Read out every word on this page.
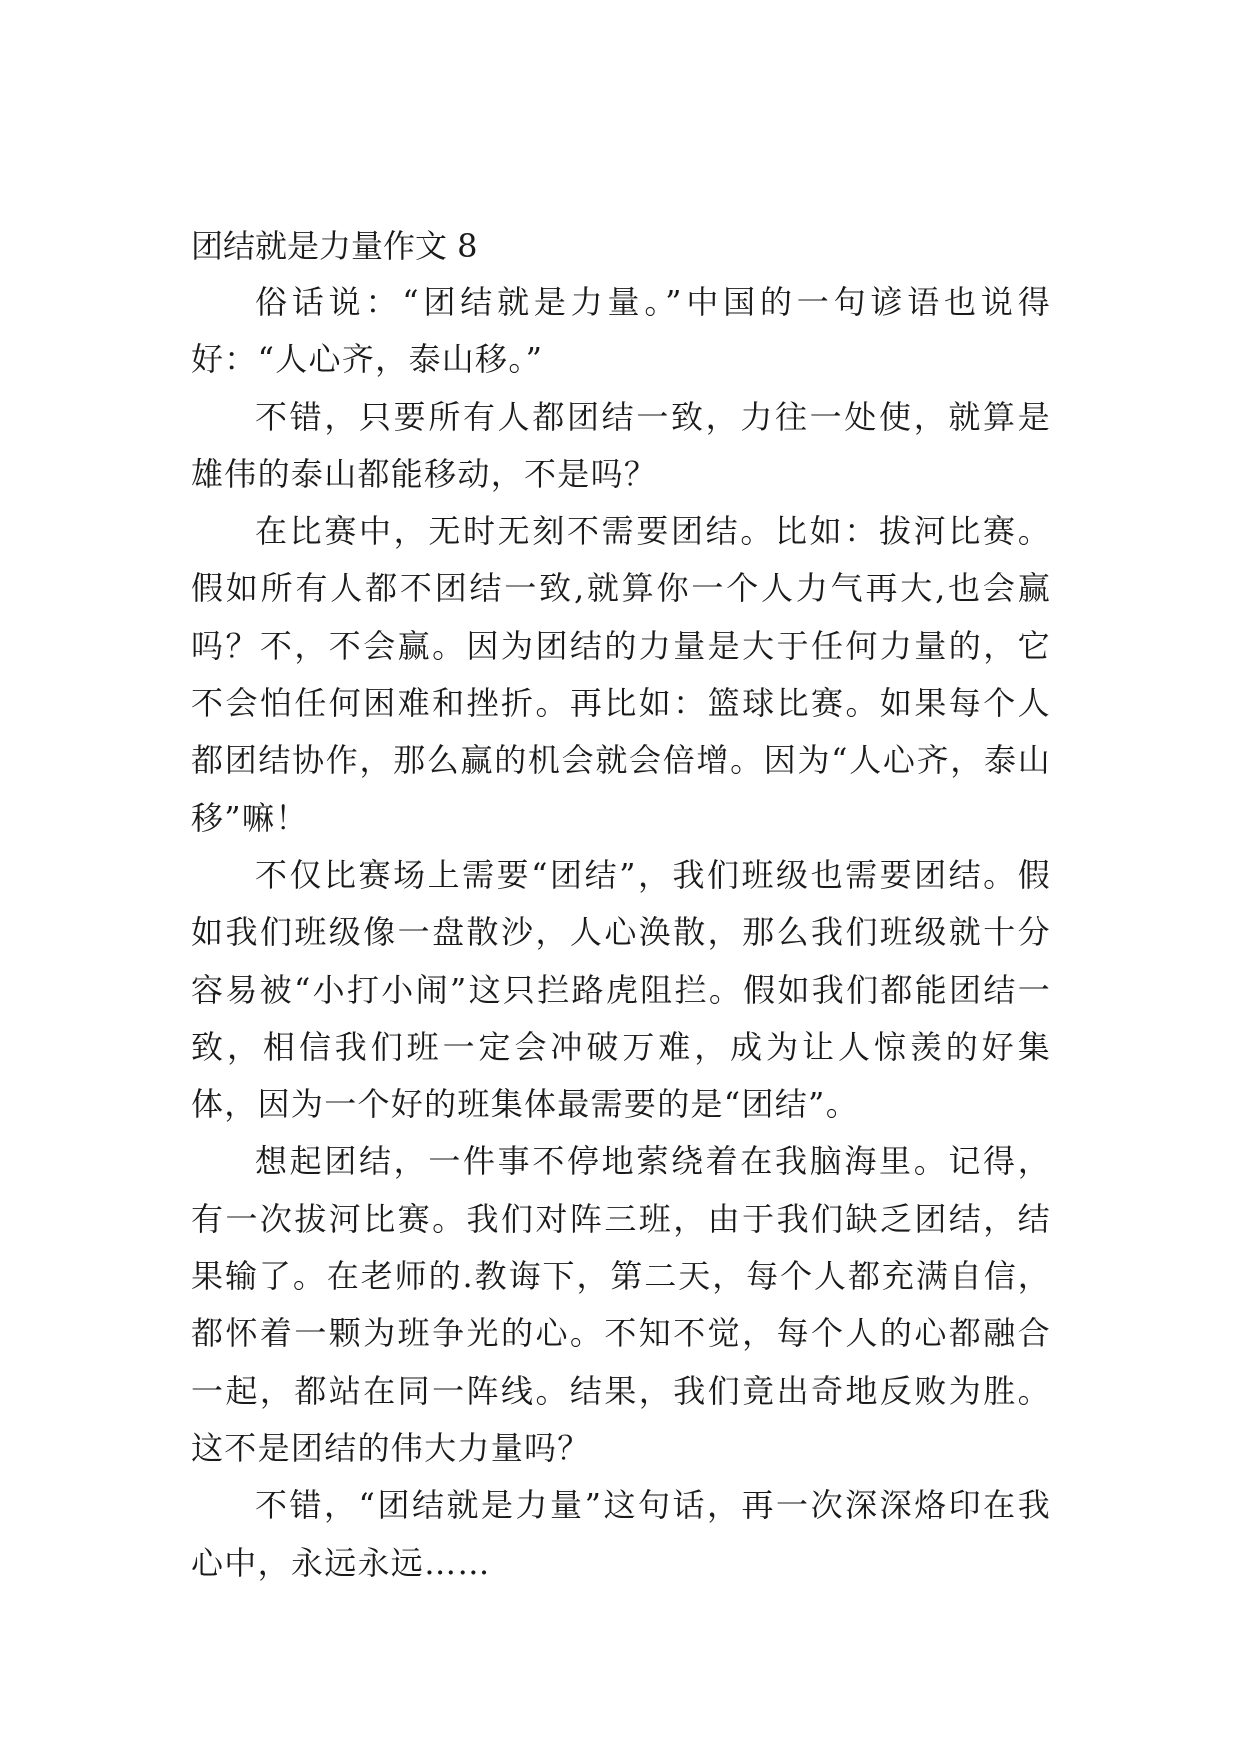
团结就是力量作文 8

俗话说：“团结就是力量。”中国的一句谚语也说得好：“人心齐，泰山移。”

不错，只要所有人都团结一致，力往一处使，就算是雄伟的泰山都能移动，不是吗？

在比赛中，无时无刻不需要团结。比如：拔河比赛。假如所有人都不团结一致,就算你一个人力气再大,也会赢吗？不，不会赢。因为团结的力量是大于任何力量的，它不会怕任何困难和挫折。再比如：篮球比赛。如果每个人都团结协作，那么赢的机会就会倍增。因为“人心齐，泰山移”嘛！

不仅比赛场上需要“团结”，我们班级也需要团结。假如我们班级像一盘散沙，人心涣散，那么我们班级就十分容易被“小打小闹”这只拦路虎阻拦。假如我们都能团结一致，相信我们班一定会冲破万难，成为让人惊羡的好集体，因为一个好的班集体最需要的是“团结”。

想起团结，一件事不停地萦绕着在我脑海里。记得，有一次拔河比赛。我们对阵三班，由于我们缺乏团结，结果输了。在老师的.教诲下，第二天，每个人都充满自信，都怀着一颗为班争光的心。不知不觉，每个人的心都融合一起，都站在同一阵线。结果，我们竟出奇地反败为胜。这不是团结的伟大力量吗？

不错，“团结就是力量”这句话，再一次深深烙印在我心中，永远永远……
